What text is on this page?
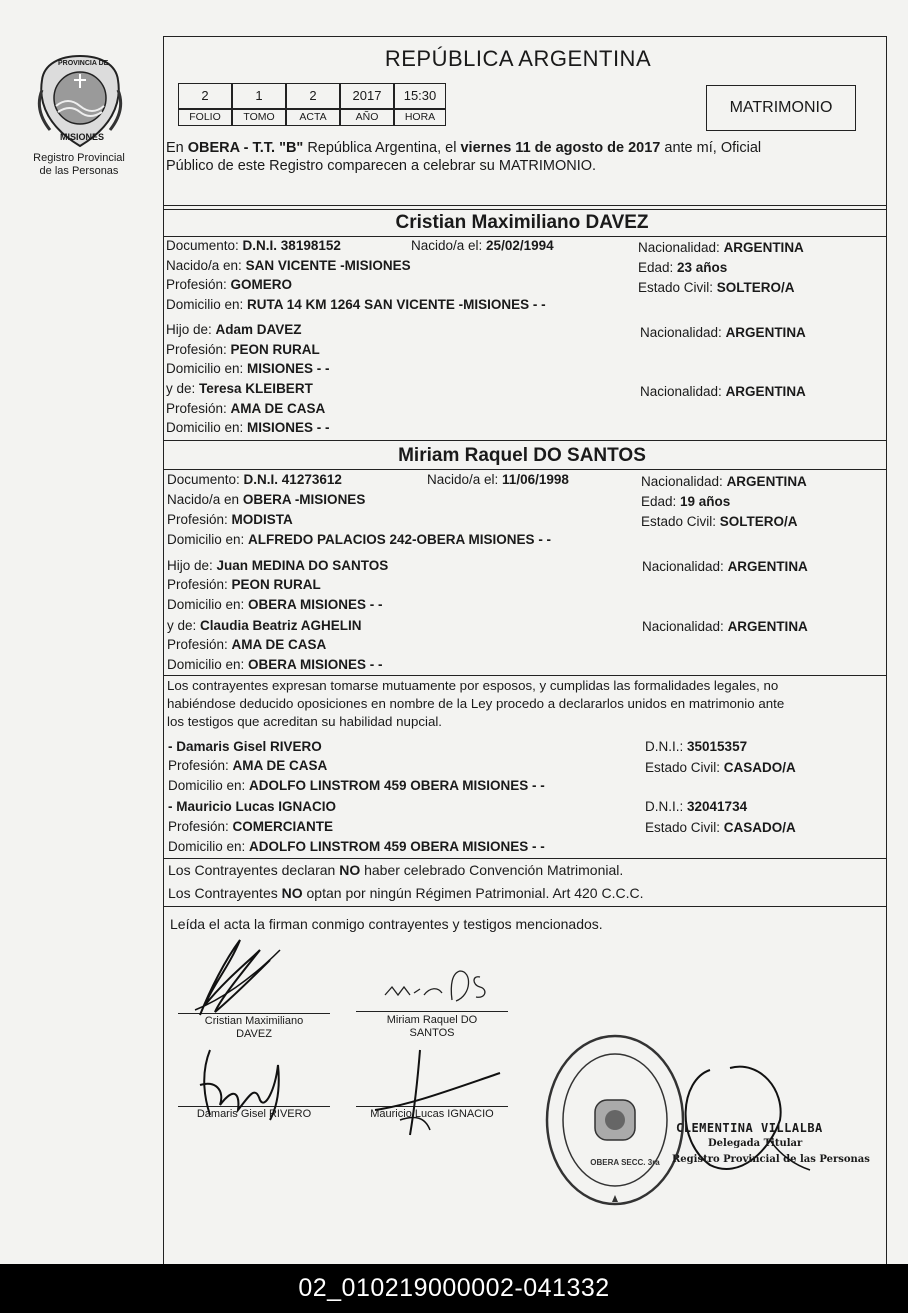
PROVINCIA DE
MISIONES
Registro Provincial
de las Personas
REPÚBLICA ARGENTINA
2	1	2	2017	15:30
FOLIO	TOMO	ACTA	AÑO	HORA
MATRIMONIO
En OBERA - T.T. "B" República Argentina, el viernes 11 de agosto de 2017 ante mí, Oficial
Público de este Registro comparecen a celebrar su MATRIMONIO.
Cristian Maximiliano DAVEZ
Documento: D.N.I. 38198152	Nacido/a el: 25/02/1994	Nacionalidad: ARGENTINA
Nacido/a en: SAN VICENTE -MISIONES	Edad: 23 años
Profesión: GOMERO	Estado Civil: SOLTERO/A
Domicilio en: RUTA 14 KM 1264 SAN VICENTE -MISIONES - -
Hijo de: Adam DAVEZ	Nacionalidad: ARGENTINA
Profesión: PEON RURAL
Domicilio en: MISIONES - -
y de: Teresa KLEIBERT	Nacionalidad: ARGENTINA
Profesión: AMA DE CASA
Domicilio en: MISIONES - -
Miriam Raquel DO SANTOS
Documento: D.N.I. 41273612	Nacido/a el: 11/06/1998	Nacionalidad: ARGENTINA
Nacido/a en OBERA -MISIONES	Edad: 19 años
Profesión: MODISTA	Estado Civil: SOLTERO/A
Domicilio en: ALFREDO PALACIOS 242-OBERA MISIONES - -
Hijo de: Juan MEDINA DO SANTOS	Nacionalidad: ARGENTINA
Profesión: PEON RURAL
Domicilio en: OBERA MISIONES - -
y de: Claudia Beatriz AGHELIN	Nacionalidad: ARGENTINA
Profesión: AMA DE CASA
Domicilio en: OBERA MISIONES - -
Los contrayentes expresan tomarse mutuamente por esposos, y cumplidas las formalidades legales, no
habiéndose deducido oposiciones en nombre de la Ley procedo a declararlos unidos en matrimonio ante
los testigos que acreditan su habilidad nupcial.
- Damaris Gisel RIVERO	D.N.I.: 35015357
Profesión: AMA DE CASA	Estado Civil: CASADO/A
Domicilio en: ADOLFO LINSTROM 459 OBERA MISIONES - -
- Mauricio Lucas IGNACIO	D.N.I.: 32041734
Profesión: COMERCIANTE	Estado Civil: CASADO/A
Domicilio en: ADOLFO LINSTROM 459 OBERA MISIONES - -
Los Contrayentes declaran NO haber celebrado Convención Matrimonial.
Los Contrayentes NO optan por ningún Régimen Patrimonial. Art 420 C.C.C.
Leída el acta la firman conmigo contrayentes y testigos mencionados.
Cristian Maximiliano
DAVEZ
Miriam Raquel DO
SANTOS
Damaris Gisel RIVERO	Mauricio Lucas IGNACIO
OBERA SECC. 3ra
CLEMENTINA VILLALBA
Delegada Titular
Registro Provincial de las Personas
02_010219000002-041332
